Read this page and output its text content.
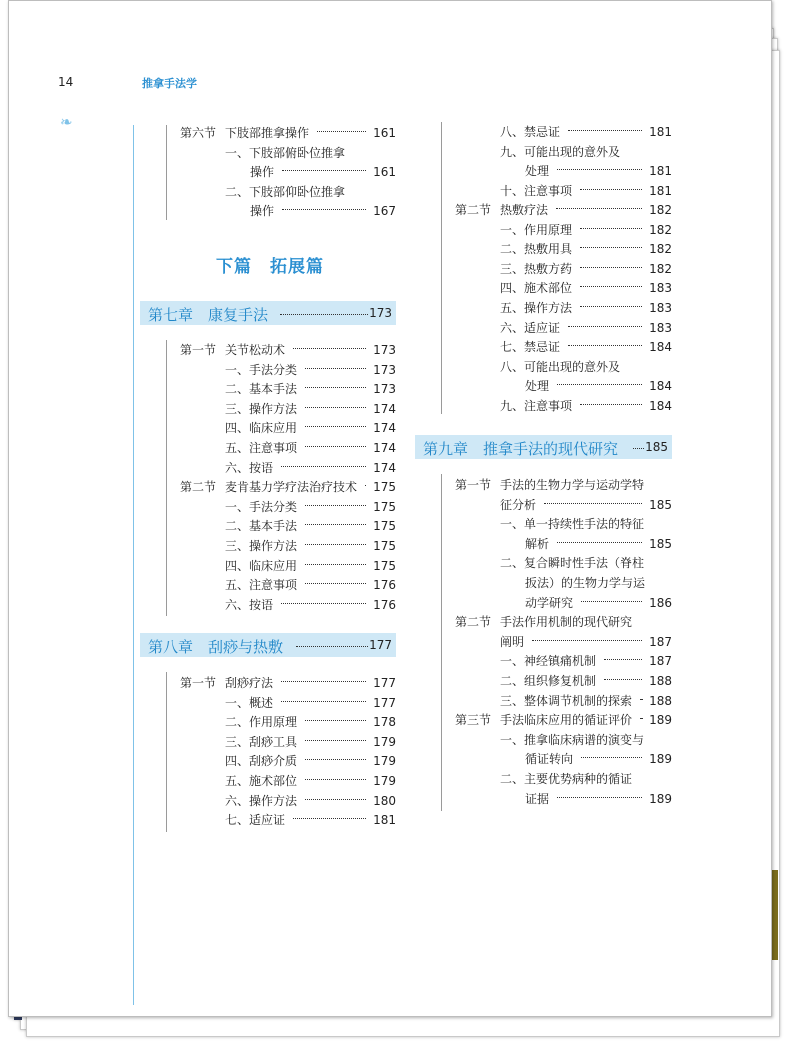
14	推拿手法学
❧
下篇　拓展篇
第七章　康复手法	173
第八章　刮痧与热敷	177
第九章　推拿手法的现代研究 185
第六节 下肢部推拿操作	161
一、下肢部俯卧位推拿
操作	161
二、下肢部仰卧位推拿
操作	167
第一节 关节松动术	173
一、手法分类	173
二、基本手法	173
三、操作方法	174
四、临床应用	174
五、注意事项	174
六、按语	174
第二节 麦肯基力学疗法治疗技术 175
一、手法分类	175
二、基本手法	175
三、操作方法	175
四、临床应用	175
五、注意事项	176
六、按语	176
第一节 刮痧疗法	177
一、概述	177
二、作用原理	178
三、刮痧工具	179
四、刮痧介质	179
五、施术部位	179
六、操作方法	180
七、适应证	181
八、禁忌证	181
九、可能出现的意外及
处理	181
十、注意事项	181
第二节 热敷疗法	182
一、作用原理	182
二、热敷用具	182
三、热敷方药	182
四、施术部位	183
五、操作方法	183
六、适应证	183
七、禁忌证	184
八、可能出现的意外及
处理	184
九、注意事项	184
第一节 手法的生物力学与运动学特
征分析	185
一、单一持续性手法的特征
解析	185
二、复合瞬时性手法（脊柱
扳法）的生物力学与运
动学研究	186
第二节 手法作用机制的现代研究
阐明	187
一、神经镇痛机制	187
二、组织修复机制	188
三、整体调节机制的探索 188
第三节 手法临床应用的循证评价 189
一、推拿临床病谱的演变与
循证转向	189
二、主要优势病种的循证
证据	189
